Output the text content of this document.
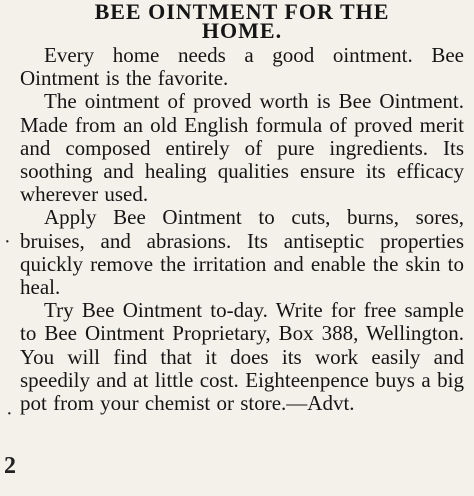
BEE OINTMENT FOR THE
HOME.

Every home needs a good ointment. Bee Ointment is the favorite.

The ointment of proved worth is Bee Ointment. Made from an old English formula of proved merit and composed entirely of pure ingredients. Its soothing and healing qualities ensure its efficacy wherever used.

Apply Bee Ointment to cuts, burns, sores, bruises, and abrasions. Its antiseptic properties quickly remove the irritation and enable the skin to heal.

Try Bee Ointment to-day. Write for free sample to Bee Ointment Proprietary, Box 388, Wellington. You will find that it does its work easily and speedily and at little cost. Eighteenpence buys a big pot from your chemist or store.—Advt.

·
·
2
